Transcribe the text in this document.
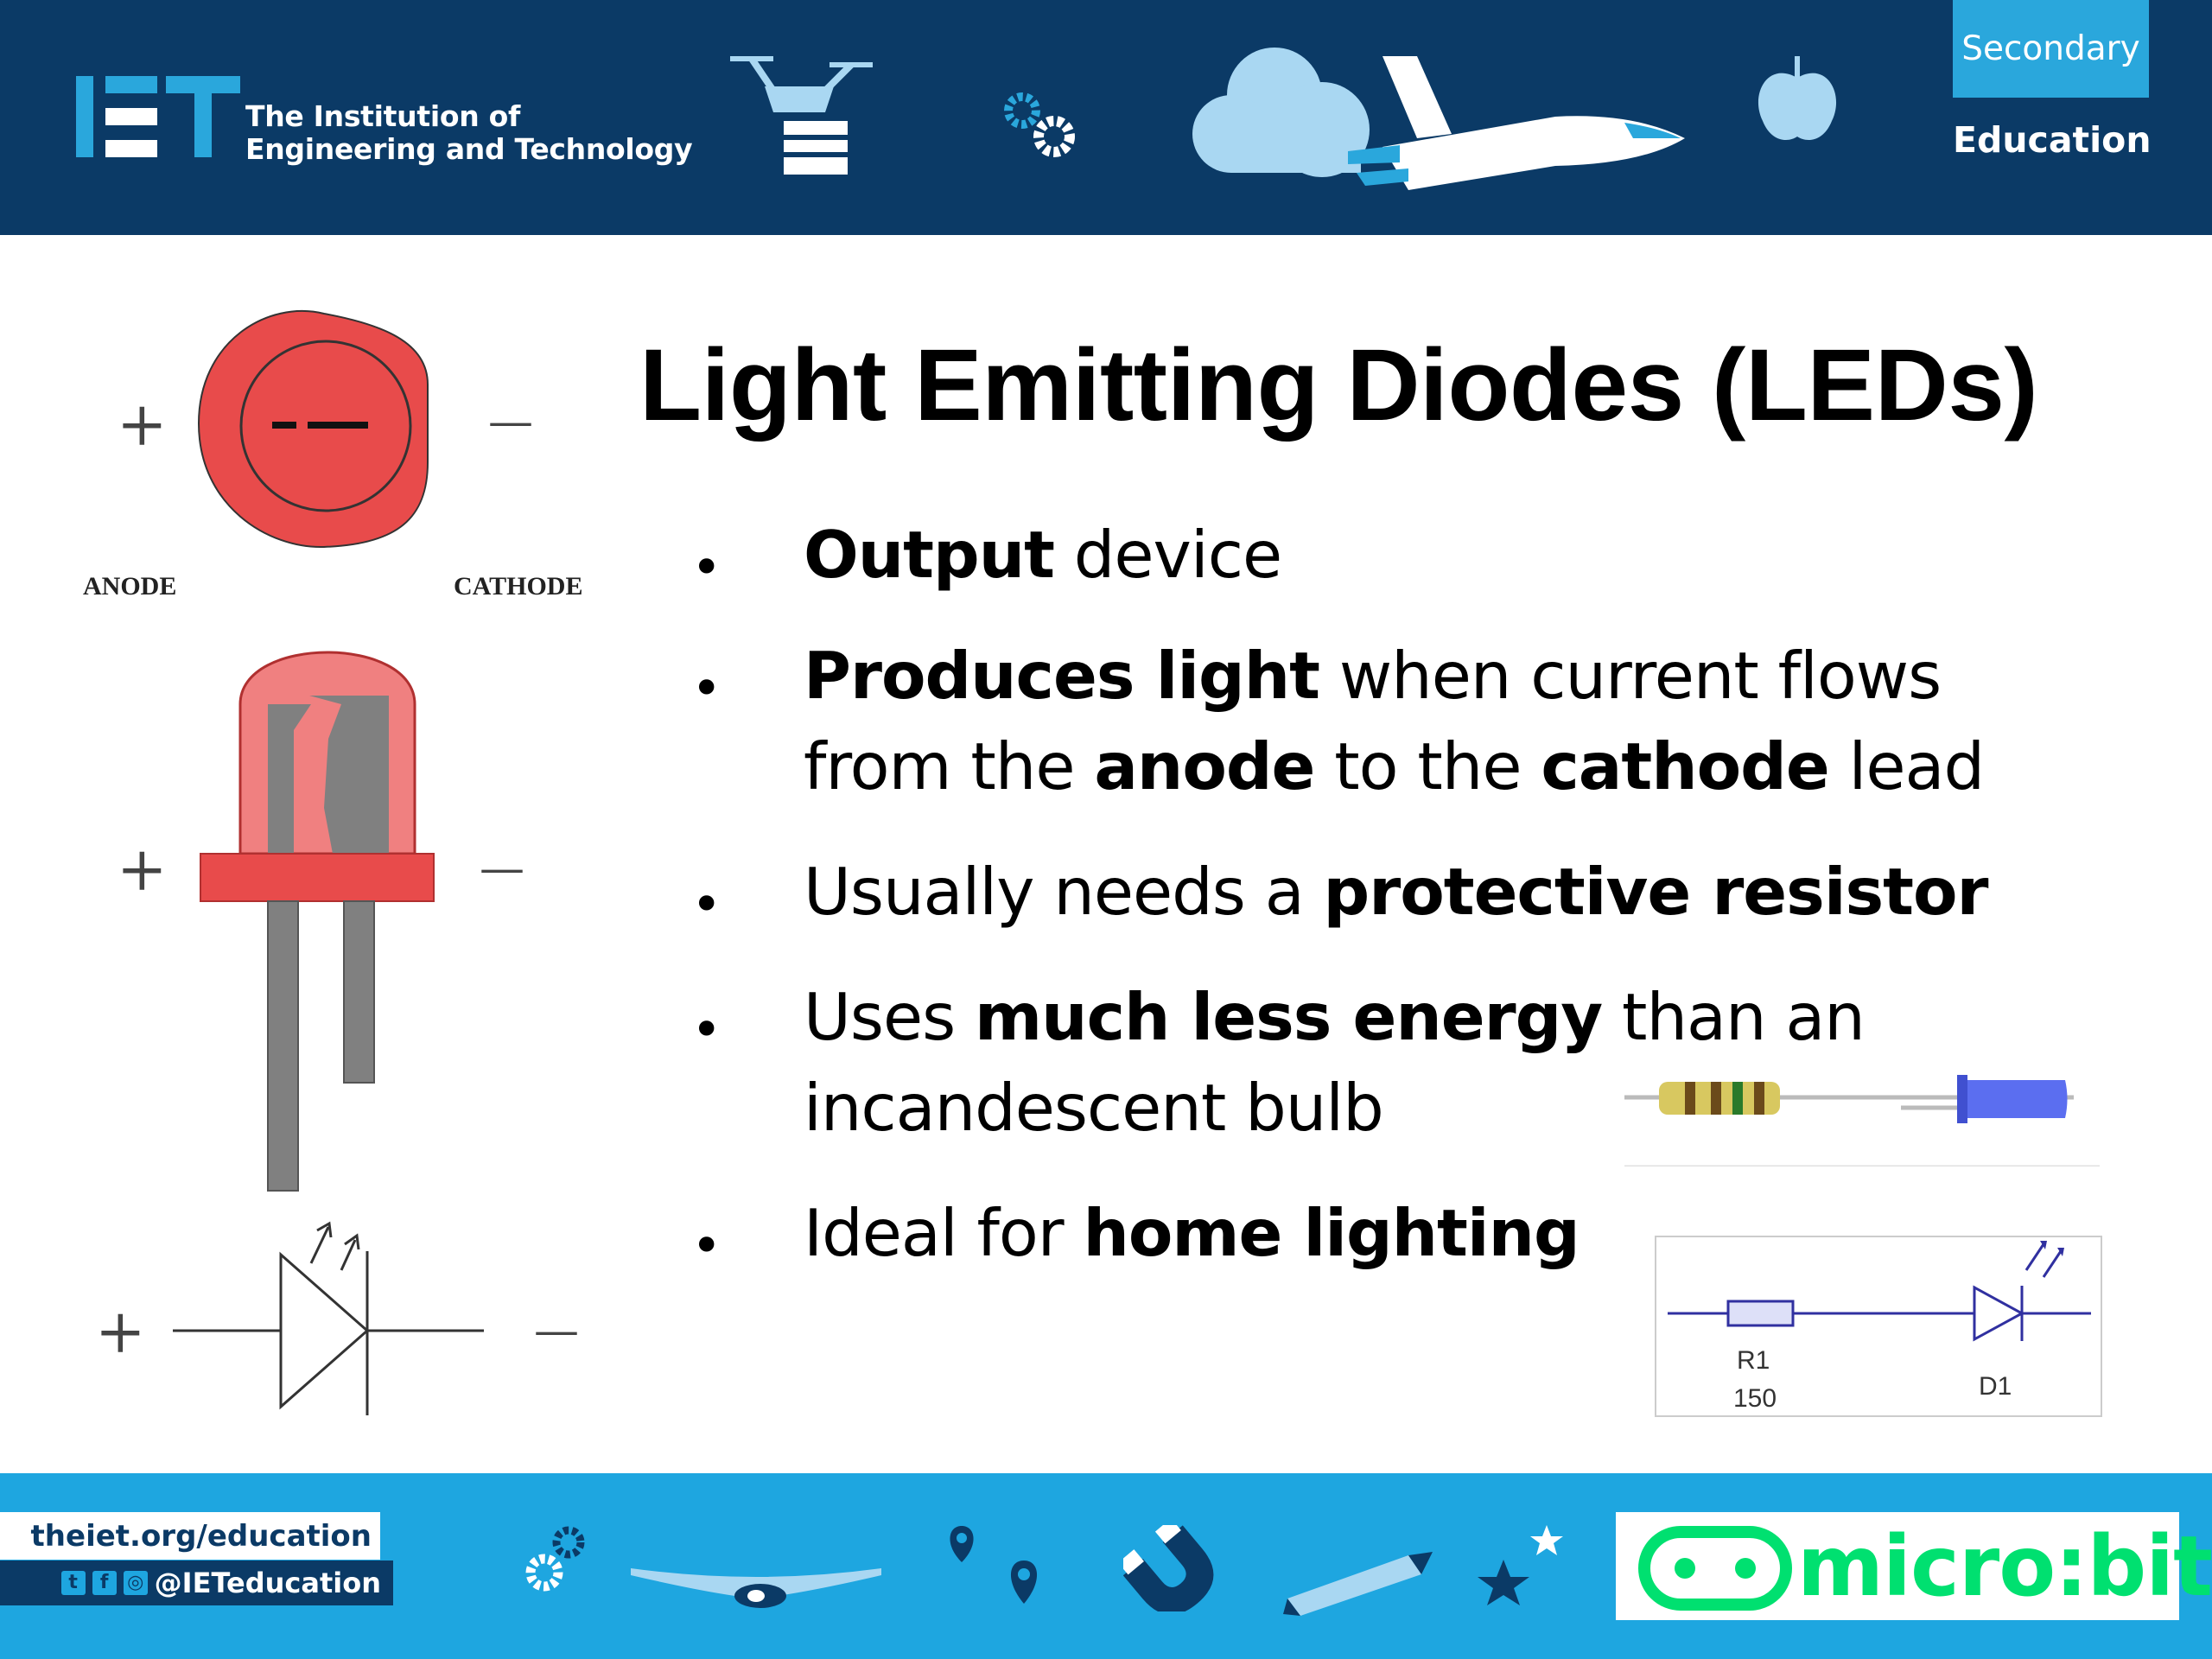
The Institution of
Engineering and Technology
Secondary
Education
+	—
ANODE	CATHODE
+	—
+	—
Light Emitting Diodes (LEDs)
• Output device
• Produces light when current flows
from the anode to the cathode lead
• Usually needs a protective resistor
• Uses much less energy than an
incandescent bulb
• Ideal for home lighting
R1
150	D1
theiet.org/education
t	f ◎ @IETeducation	micro:bit
